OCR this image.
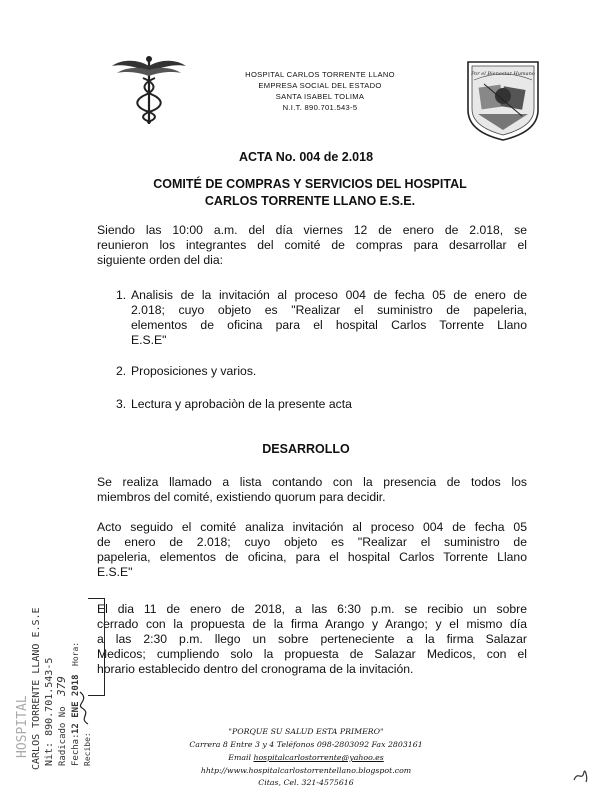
HOSPITAL CARLOS TORRENTE LLANO
EMPRESA SOCIAL DEL ESTADO
SANTA ISABEL TOLIMA
N.I.T. 890.701.543-5
Por el Bienestar Humano
ACTA No. 004 de 2.018
COMITÉ DE COMPRAS Y SERVICIOS DEL HOSPITAL
CARLOS TORRENTE LLANO E.S.E.
Siendo las 10:00 a.m. del día viernes 12 de enero de 2.018, se
reunieron los integrantes del comité de compras para desarrollar el
siguiente orden del dia:
1. Analisis de la invitación al proceso 004 de fecha 05 de enero de
2.018; cuyo objeto es "Realizar el suministro de papeleria,
elementos de oficina para el hospital Carlos Torrente Llano
E.S.E"
2. Proposiciones y varios.
3. Lectura y aprobaciòn de la presente acta
DESARROLLO
Se realiza llamado a lista contando con la presencia de todos los
miembros del comité, existiendo quorum para decidir.
Acto seguido el comité analiza invitación al proceso 004 de fecha 05
de enero de 2.018; cuyo objeto es "Realizar el suministro de
papeleria, elementos de oficina, para el hospital Carlos Torrente Llano
E.S.E"
El dia 11 de enero de 2018, a las 6:30 p.m. se recibio un sobre
cerrado con la propuesta de la firma Arango y Arango; y el mismo día
a las 2:30 p.m. llego un sobre perteneciente a la firma Salazar
Medicos; cumpliendo solo la propuesta de Salazar Medicos, con el
horario establecido dentro del cronograma de la invitación.
HOSPITAL CARLOS TORRENTE LLANO E.S.E Nit: 890.701.543-5 Radicado No
379
Fecha:
12 ENE 2018
Hora:
Recibe:
"PORQUE SU SALUD ESTA PRIMERO"
Carrera 8 Entre 3 y 4 Teléfonos 098-2803092 Fax 2803161
Email hospitalcarlostorrente@yahoo.es
hhtp://www.hospitalcarlostorrentellano.blogspot.com
Citas, Cel. 321-4575616
